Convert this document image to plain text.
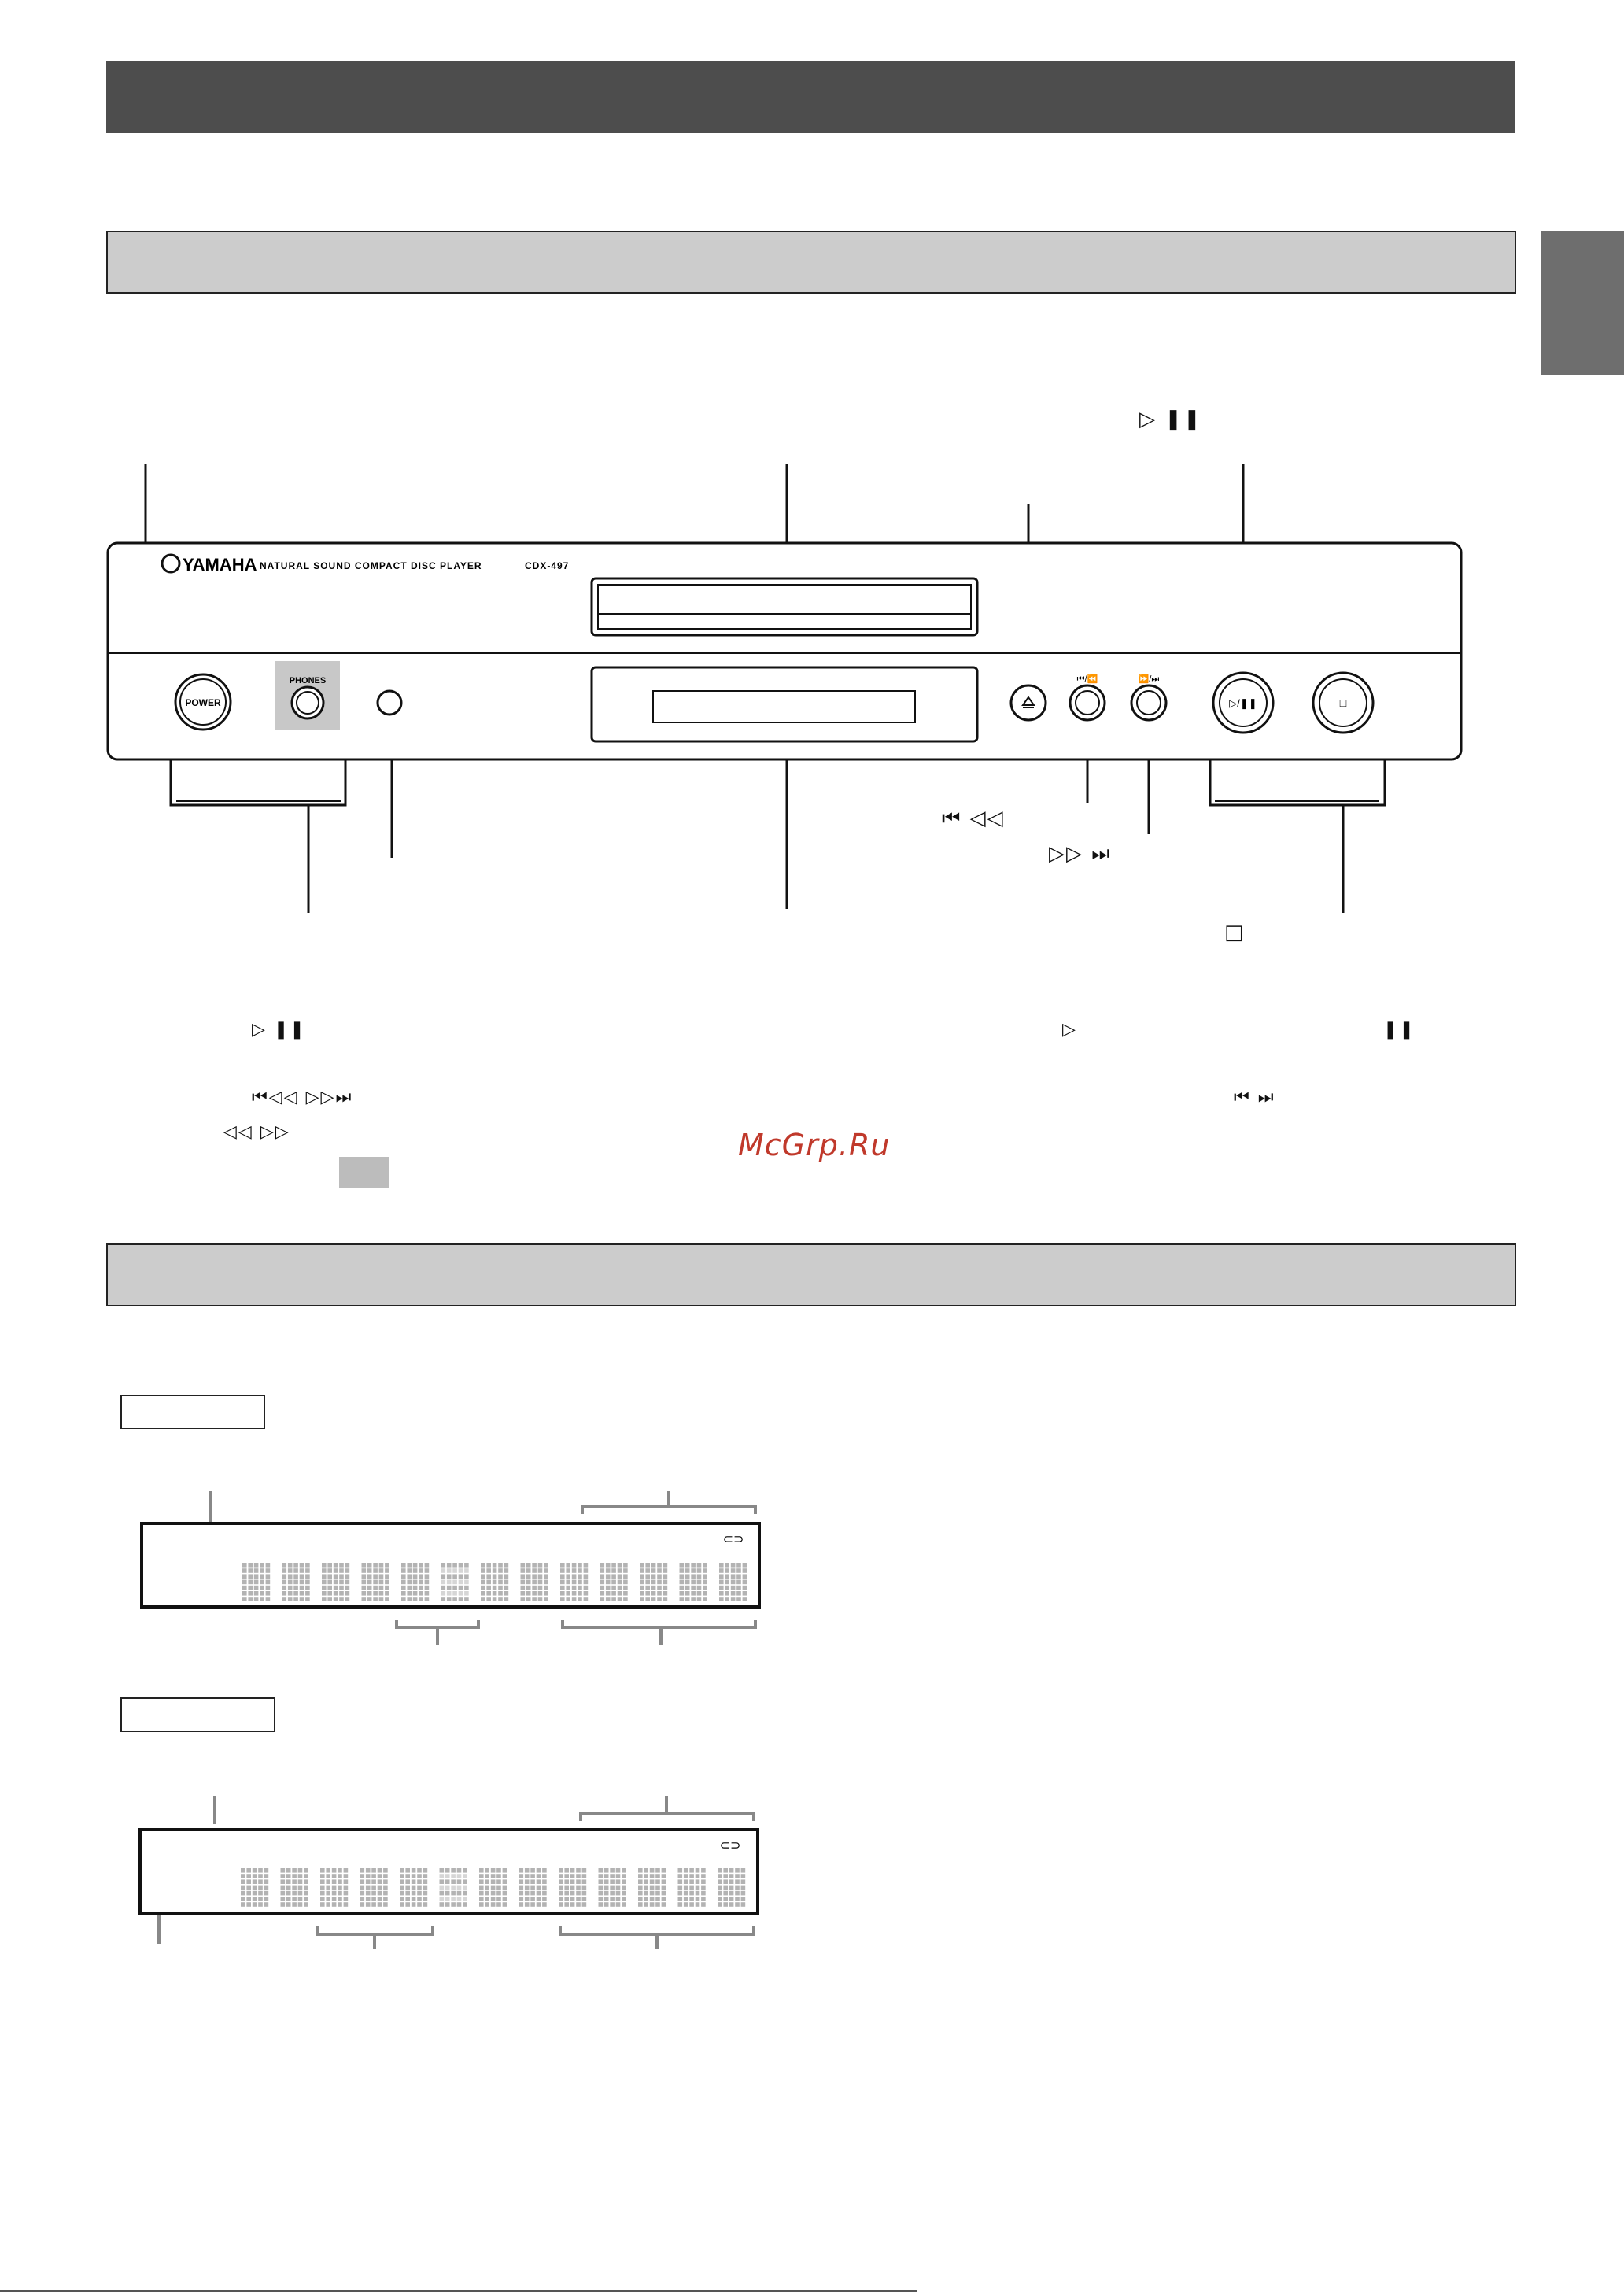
YAMAHA NATURAL SOUND COMPACT DISC PLAYER	CDX-497
POWER
PHONES	⏮/⏪	⏩/⏭
▷/❚❚	□
▷ ❚❚
⏮ ◁◁
▷▷ ⏭
□
▷ ❚❚
⏮◁◁ ▷▷⏭
◁◁ ▷▷
▷	❚❚
⏮ ⏭
McGrp.Ru
⊂⊃
⊂⊃
